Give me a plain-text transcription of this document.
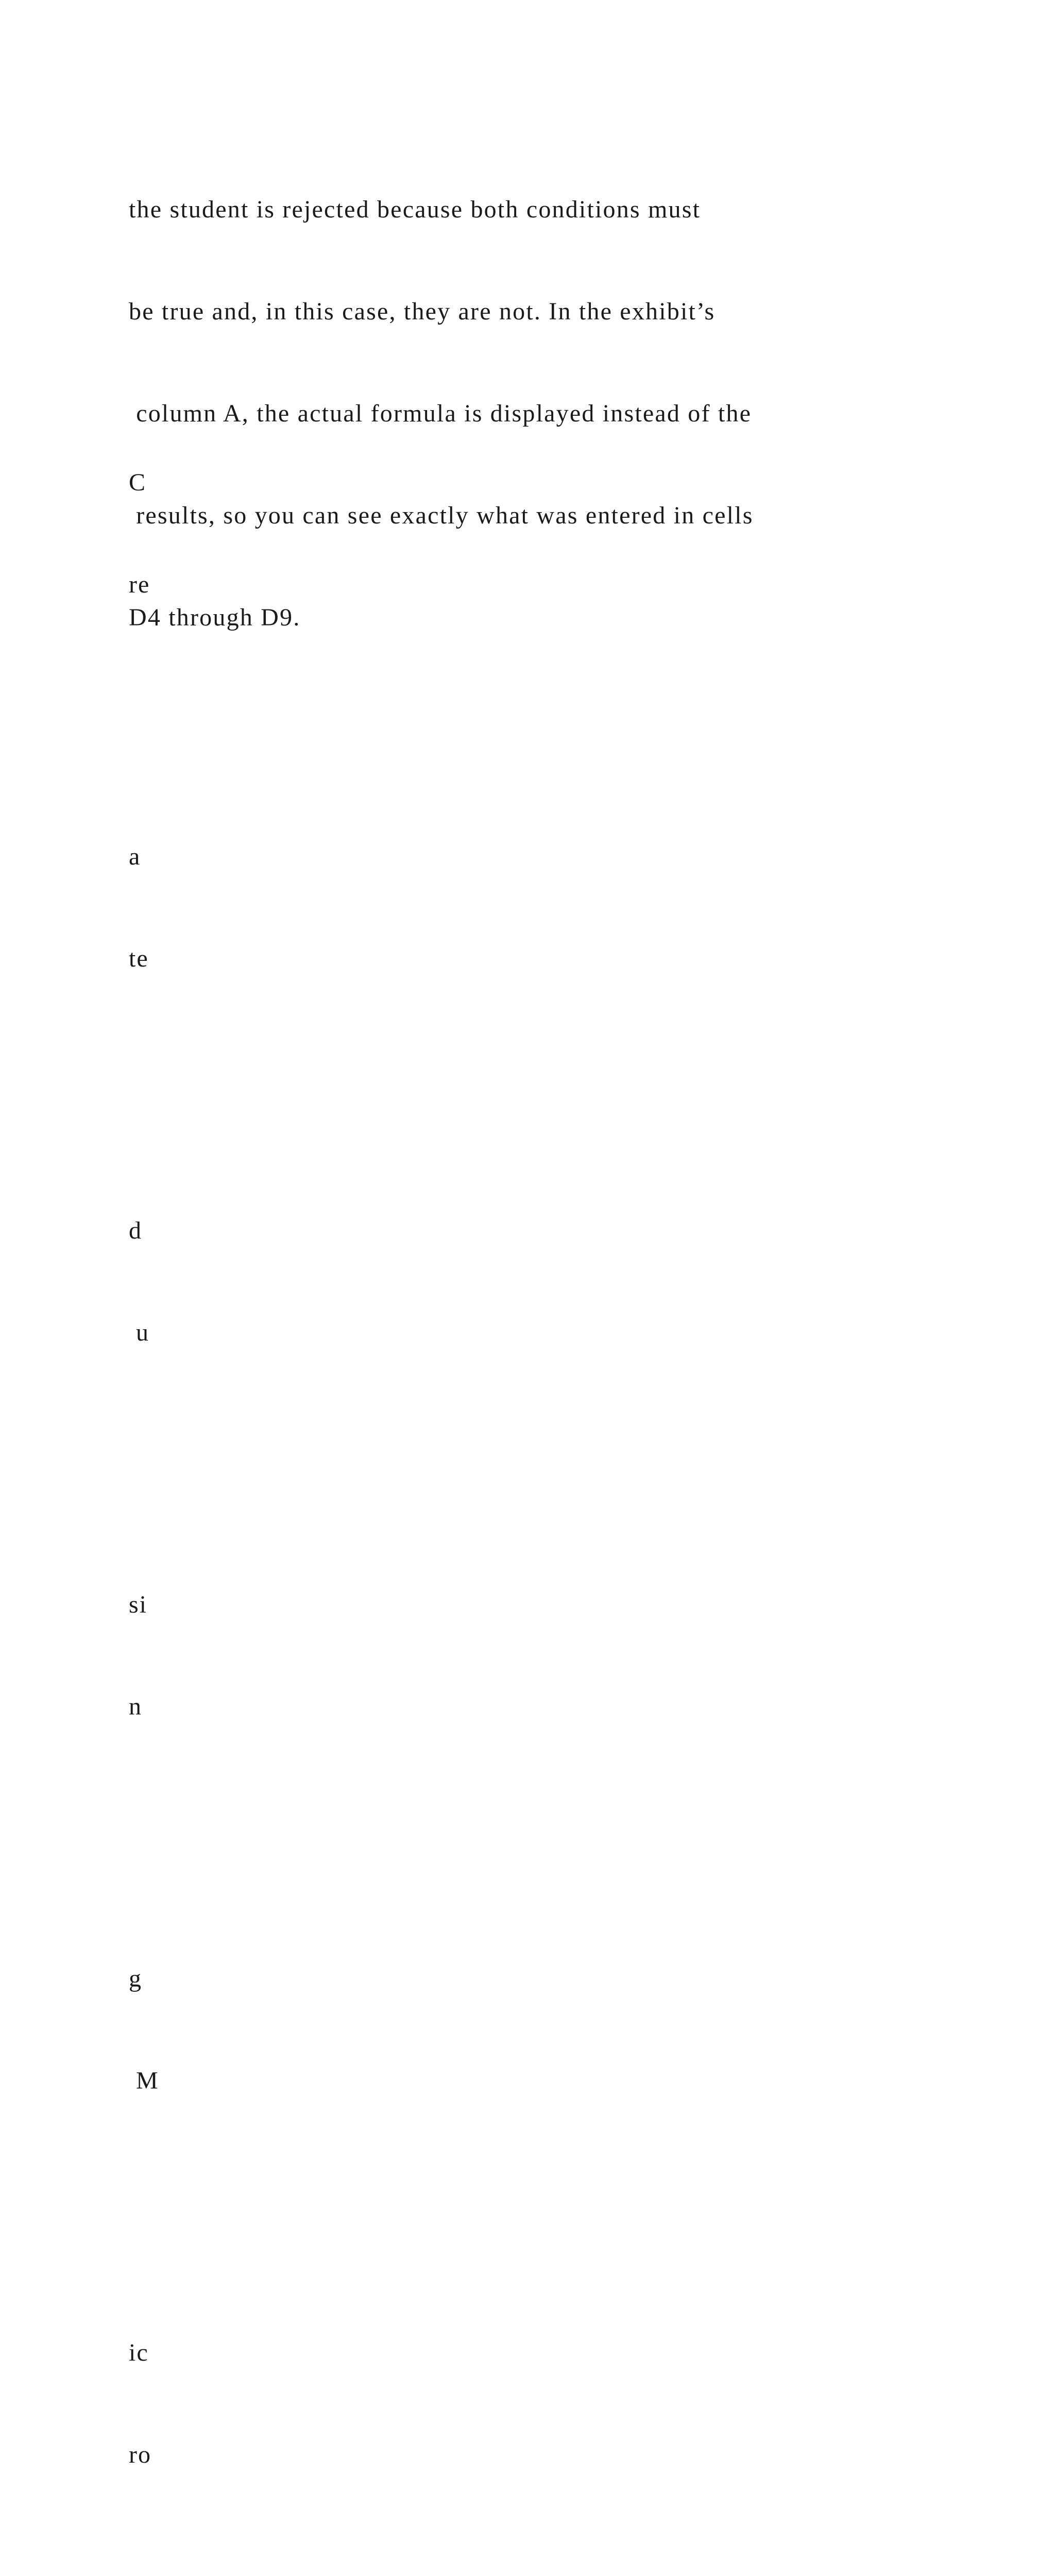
the student is rejected because both conditions must

be true and, in this case, they are not. In the exhibit’s

column A, the actual formula is displayed instead of the

results, so you can see exactly what was entered in cells

D4 through D9.

C

re

a

te

d

u

si

n

g

M

ic

ro
